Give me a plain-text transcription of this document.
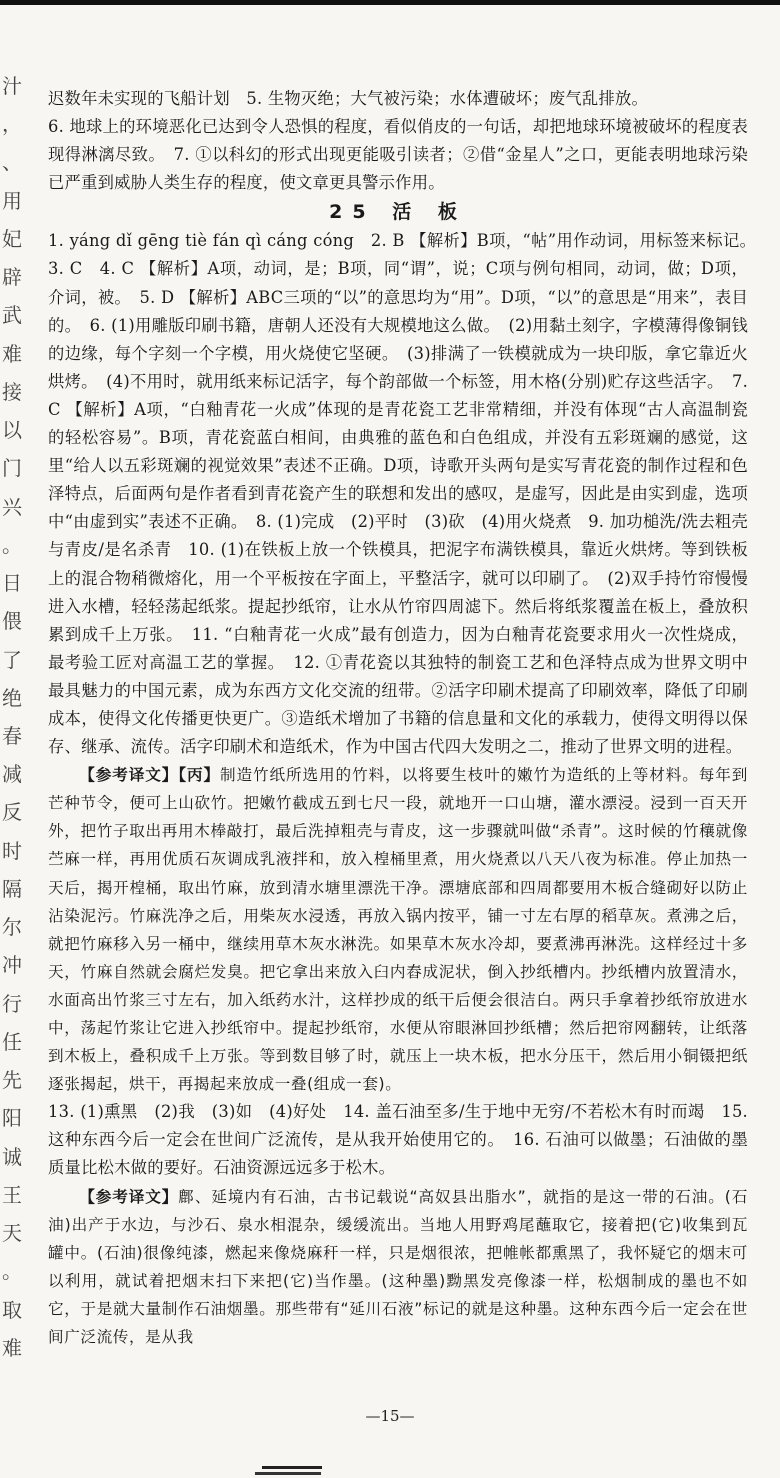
汁
，
、
用
妃
辟
武
难
接
以
门
兴
。
日
偎
了
绝
春
减
反
时
隔
尔
冲
行
任
先
阳
诚
王
天
。
取
难

迟数年未实现的飞船计划　5. 生物灭绝；大气被污染；水体遭破坏；废气乱排放。

6. 地球上的环境恶化已达到令人恐惧的程度，看似俏皮的一句话，却把地球环境被破坏的程度表现得淋漓尽致。　7. ①以科幻的形式出现更能吸引读者；②借“金星人”之口，更能表明地球污染已严重到威胁人类生存的程度，使文章更具警示作用。

25 活 板

1. yáng dǐ gēng tiè fán qì cáng cóng　2. B 【解析】B项，“帖”用作动词，用标签来标记。　3. C　4. C 【解析】A项，动词，是；B项，同“谓”，说；C项与例句相同，动词，做；D项，介词，被。　5. D 【解析】ABC三项的“以”的意思均为“用”。D项，“以”的意思是“用来”，表目的。　6. (1)用雕版印刷书籍，唐朝人还没有大规模地这么做。　(2)用黏土刻字，字模薄得像铜钱的边缘，每个字刻一个字模，用火烧使它坚硬。　(3)排满了一铁模就成为一块印版，拿它靠近火烘烤。　(4)不用时，就用纸来标记活字，每个韵部做一个标签，用木格(分别)贮存这些活字。　7. C 【解析】A项，“白釉青花一火成”体现的是青花瓷工艺非常精细，并没有体现“古人高温制瓷的轻松容易”。B项，青花瓷蓝白相间，由典雅的蓝色和白色组成，并没有五彩斑斓的感觉，这里“给人以五彩斑斓的视觉效果”表述不正确。D项，诗歌开头两句是实写青花瓷的制作过程和色泽特点，后面两句是作者看到青花瓷产生的联想和发出的感叹，是虚写，因此是由实到虚，选项中“由虚到实”表述不正确。　8. (1)完成　(2)平时　(3)砍　(4)用火烧煮　9. 加功槌洗/洗去粗壳与青皮/是名杀青　10. (1)在铁板上放一个铁模具，把泥字布满铁模具，靠近火烘烤。等到铁板上的混合物稍微熔化，用一个平板按在字面上，平整活字，就可以印刷了。　(2)双手持竹帘慢慢进入水槽，轻轻荡起纸浆。提起抄纸帘，让水从竹帘四周滤下。然后将纸浆覆盖在板上，叠放积累到成千上万张。　11. “白釉青花一火成”最有创造力，因为白釉青花瓷要求用火一次性烧成，最考验工匠对高温工艺的掌握。　12. ①青花瓷以其独特的制瓷工艺和色泽特点成为世界文明中最具魅力的中国元素，成为东西方文化交流的纽带。②活字印刷术提高了印刷效率，降低了印刷成本，使得文化传播更快更广。③造纸术增加了书籍的信息量和文化的承载力，使得文明得以保存、继承、流传。活字印刷术和造纸术，作为中国古代四大发明之二，推动了世界文明的进程。

【参考译文】【丙】制造竹纸所选用的竹料，以将要生枝叶的嫩竹为造纸的上等材料。每年到芒种节令，便可上山砍竹。把嫩竹截成五到七尺一段，就地开一口山塘，灌水漂浸。浸到一百天开外，把竹子取出再用木棒敲打，最后洗掉粗壳与青皮，这一步骤就叫做“杀青”。这时候的竹穰就像苎麻一样，再用优质石灰调成乳液拌和，放入楻桶里煮，用火烧煮以八天八夜为标准。停止加热一天后，揭开楻桶，取出竹麻，放到清水塘里漂洗干净。漂塘底部和四周都要用木板合缝砌好以防止沾染泥污。竹麻洗净之后，用柴灰水浸透，再放入锅内按平，铺一寸左右厚的稻草灰。煮沸之后，就把竹麻移入另一桶中，继续用草木灰水淋洗。如果草木灰水冷却，要煮沸再淋洗。这样经过十多天，竹麻自然就会腐烂发臭。把它拿出来放入臼内舂成泥状，倒入抄纸槽内。抄纸槽内放置清水，水面高出竹浆三寸左右，加入纸药水汁，这样抄成的纸干后便会很洁白。两只手拿着抄纸帘放进水中，荡起竹浆让它进入抄纸帘中。提起抄纸帘，水便从帘眼淋回抄纸槽；然后把帘网翻转，让纸落到木板上，叠积成千上万张。等到数目够了时，就压上一块木板，把水分压干，然后用小铜镊把纸逐张揭起，烘干，再揭起来放成一叠(组成一套)。

13. (1)熏黑　(2)我　(3)如　(4)好处　14. 盖石油至多/生于地中无穷/不若松木有时而竭　15. 这种东西今后一定会在世间广泛流传，是从我开始使用它的。　16. 石油可以做墨；石油做的墨质量比松木做的要好。石油资源远远多于松木。

【参考译文】鄜、延境内有石油，古书记载说“高奴县出脂水”，就指的是这一带的石油。(石油)出产于水边，与沙石、泉水相混杂，缓缓流出。当地人用野鸡尾蘸取它，接着把(它)收集到瓦罐中。(石油)很像纯漆，燃起来像烧麻秆一样，只是烟很浓，把帷帐都熏黑了，我怀疑它的烟末可以利用，就试着把烟末扫下来把(它)当作墨。(这种墨)黝黑发亮像漆一样，松烟制成的墨也不如它，于是就大量制作石油烟墨。那些带有“延川石液”标记的就是这种墨。这种东西今后一定会在世间广泛流传，是从我

—15—
